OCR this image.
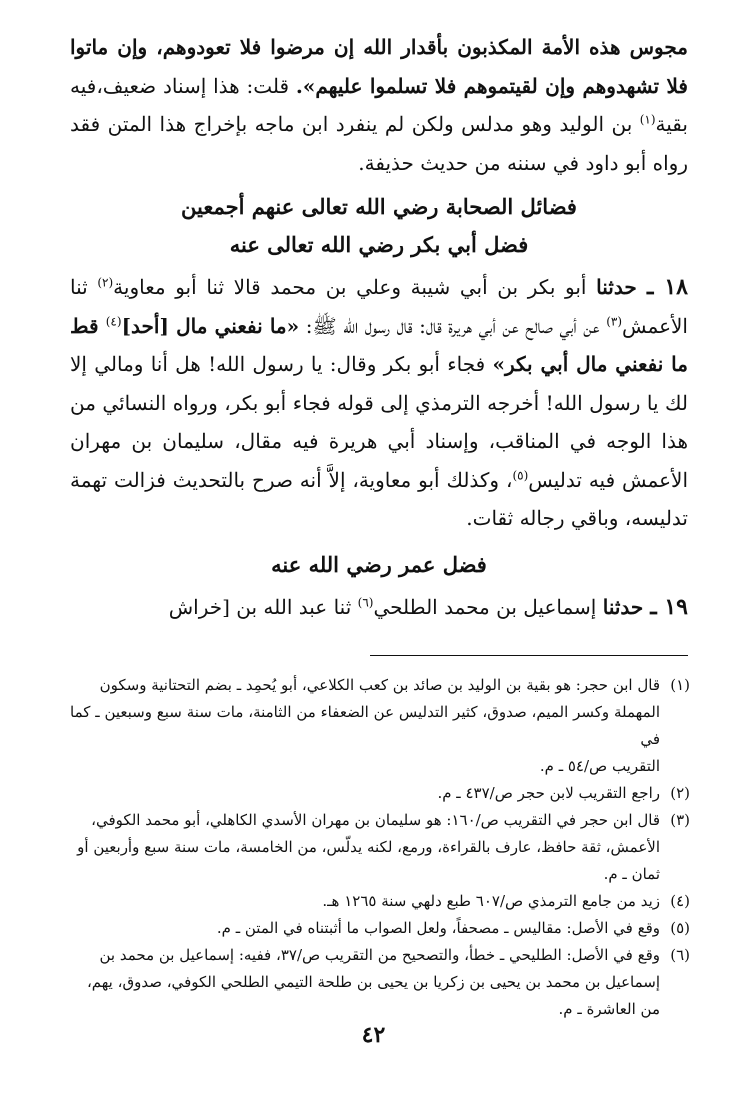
مجوس هذه الأمة المكذبون بأقدار الله إن مرضوا فلا تعودوهم، وإن ماتوا فلا تشهدوهم وإن لقيتموهم فلا تسلموا عليهم». قلت: هذا إسناد ضعيف،فيه بقية$^{(١)}$ بن الوليد وهو مدلس ولكن لم ينفرد ابن ماجه بإخراج هذا المتن فقد رواه أبو داود في سننه من حديث حذيفة.

فضائل الصحابة رضي الله تعالى عنهم أجمعين

فضل أبي بكر رضي الله تعالى عنه

١٨ ـ حدثنا أبو بكر بن أبي شيبة وعلي بن محمد قالا ثنا أبو معاوية$^{(٢)}$ ثنا الأعمش$^{(٣)}$ عن أبي صالح عن أبي هريرة قال: قال رسول الله ﷺ: «ما نفعني مال [أحد]$^{(٤)}$ قط ما نفعني مال أبي بكر» فجاء أبو بكر وقال: يا رسول الله! هل أنا ومالي إلا لك يا رسول الله! أخرجه الترمذي إلى قوله فجاء أبو بكر، ورواه النسائي من هذا الوجه في المناقب، وإسناد أبي هريرة فيه مقال، سليمان بن مهران الأعمش فيه تدليس$^{(٥)}$، وكذلك أبو معاوية، إلاَّ أنه صرح بالتحديث فزالت تهمة تدليسه، وباقي رجاله ثقات.

فضل عمر رضي الله عنه

١٩ ـ حدثنا إسماعيل بن محمد الطلحي$^{(٦)}$ ثنا عبد الله بن [خراش

(١)قال ابن حجر: هو بقية بن الوليد بن صائد بن كعب الكلاعي، أبو يُحمِد ـ بضم التحتانية وسكون

المهملة وكسر الميم، صدوق، كثير التدليس عن الضعفاء من الثامنة، مات سنة سبع وسبعين ـ كما في

التقريب ص/٥٤ ـ م.

(٢)راجع التقريب لابن حجر ص/٤٣٧ ـ م.

(٣)قال ابن حجر في التقريب ص/١٦٠: هو سليمان بن مهران الأسدي الكاهلي، أبو محمد الكوفي،

الأعمش، ثقة حافظ، عارف بالقراءة، ورمع، لكنه يدلّس، من الخامسة، مات سنة سبع وأربعين أو

ثمان ـ م.

(٤)زيد من جامع الترمذي ص/٦٠٧ طبع دلهي سنة ١٢٦٥ هـ.

(٥)وقع في الأصل: مقاليس ـ مصحفاً، ولعل الصواب ما أثبتناه في المتن ـ م.

(٦)وقع في الأصل: الطليحي ـ خطأ، والتصحيح من التقريب ص/٣٧، ففيه: إسماعيل بن محمد بن

إسماعيل بن محمد بن يحيى بن زكريا بن يحيى بن طلحة التيمي الطلحي الكوفي، صدوق، يهم،

من العاشرة ـ م.

٤٢
